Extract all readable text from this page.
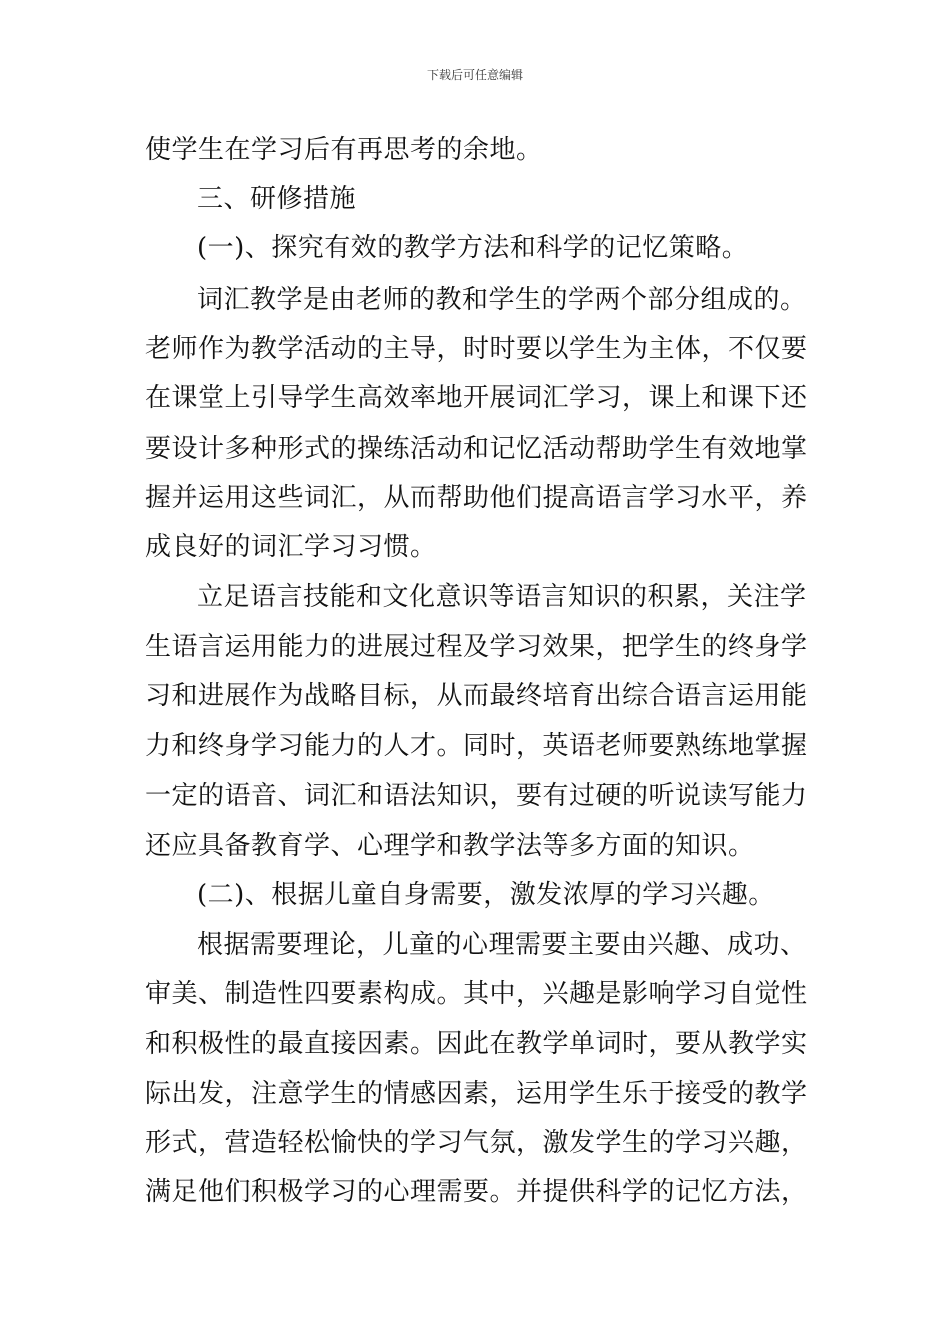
下载后可任意编辑
使学生在学习后有再思考的余地。
三、研修措施
(一)、探究有效的教学方法和科学的记忆策略。
词汇教学是由老师的教和学生的学两个部分组成的。
老师作为教学活动的主导，时时要以学生为主体，不仅要
在课堂上引导学生高效率地开展词汇学习，课上和课下还
要设计多种形式的操练活动和记忆活动帮助学生有效地掌
握并运用这些词汇，从而帮助他们提高语言学习水平，养
成良好的词汇学习习惯。
立足语言技能和文化意识等语言知识的积累，关注学
生语言运用能力的进展过程及学习效果，把学生的终身学
习和进展作为战略目标，从而最终培育出综合语言运用能
力和终身学习能力的人才。同时，英语老师要熟练地掌握
一定的语音、词汇和语法知识，要有过硬的听说读写能力
还应具备教育学、心理学和教学法等多方面的知识。
(二)、根据儿童自身需要，激发浓厚的学习兴趣。
根据需要理论，儿童的心理需要主要由兴趣、成功、
审美、制造性四要素构成。其中，兴趣是影响学习自觉性
和积极性的最直接因素。因此在教学单词时，要从教学实
际出发，注意学生的情感因素，运用学生乐于接受的教学
形式，营造轻松愉快的学习气氛，激发学生的学习兴趣，
满足他们积极学习的心理需要。并提供科学的记忆方法，
